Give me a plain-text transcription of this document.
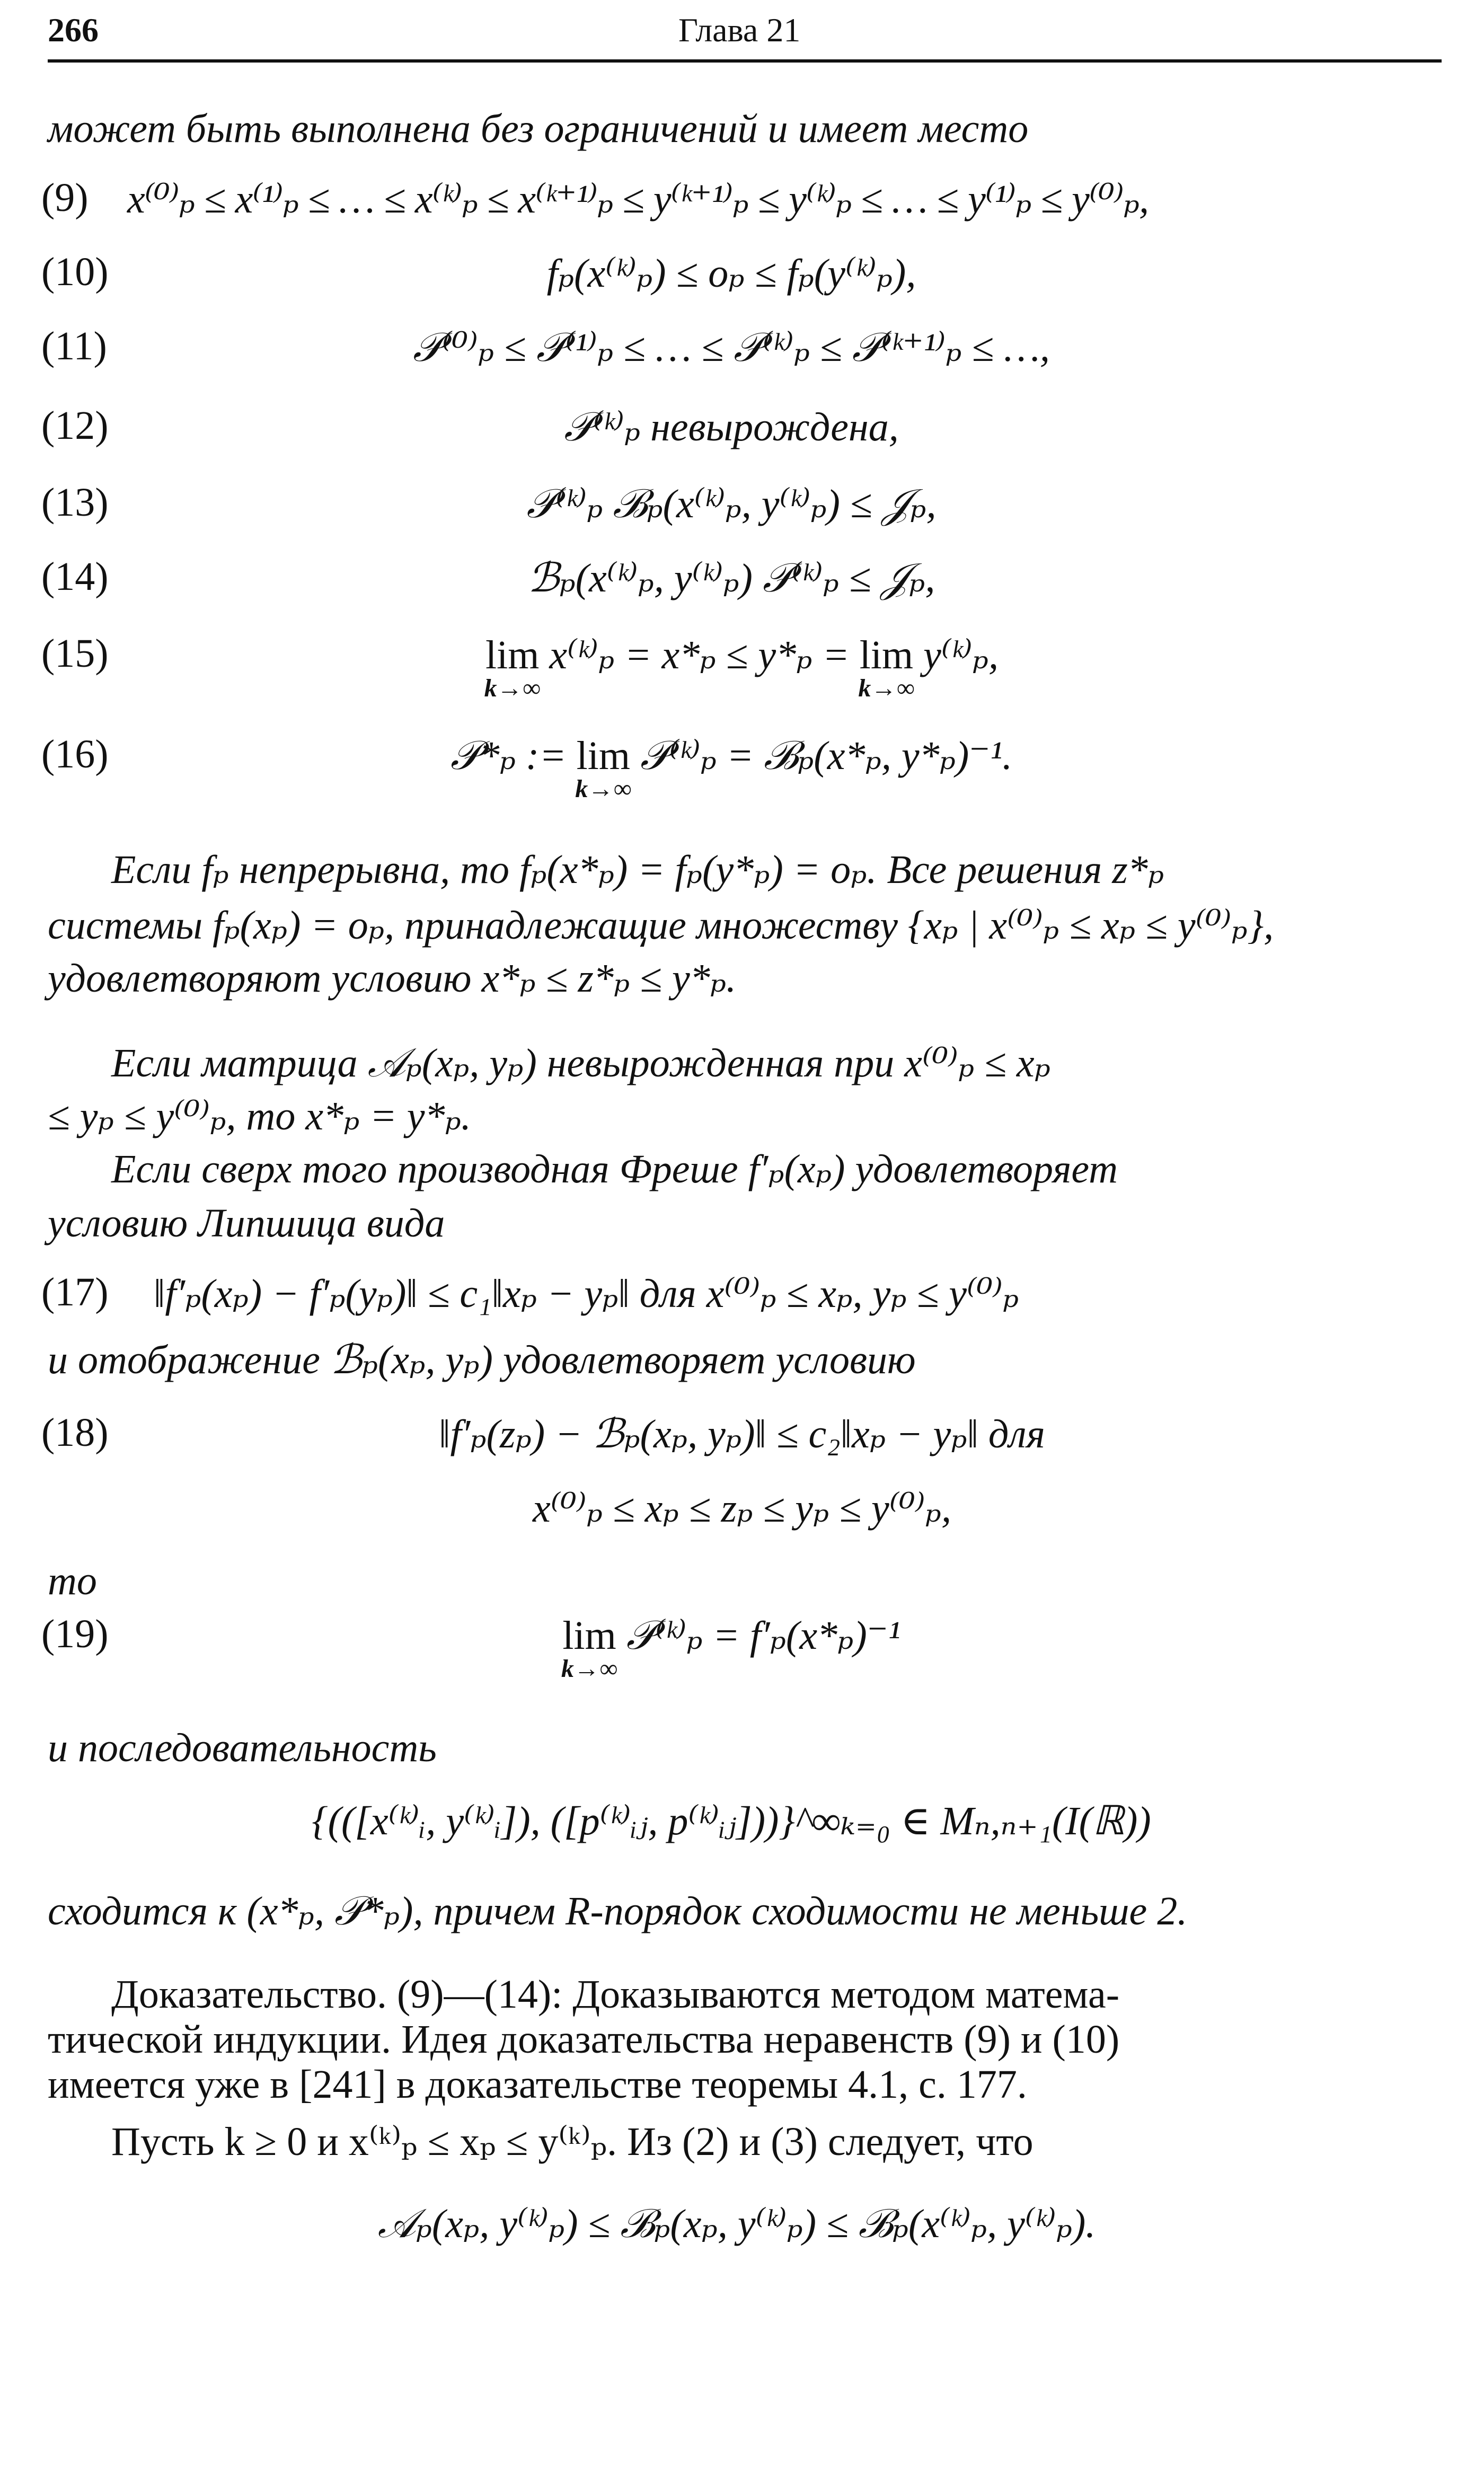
266	Глава 21
может быть выполнена без ограничений и имеет место
(9) x⁽⁰⁾ₚ ≤ x⁽¹⁾ₚ ≤ … ≤ x⁽ᵏ⁾ₚ ≤ x⁽ᵏ⁺¹⁾ₚ ≤ y⁽ᵏ⁺¹⁾ₚ ≤ y⁽ᵏ⁾ₚ ≤ … ≤ y⁽¹⁾ₚ ≤ y⁽⁰⁾ₚ,
(10)	fₚ(x⁽ᵏ⁾ₚ) ≤ oₚ ≤ fₚ(y⁽ᵏ⁾ₚ),
(11)	𝒫⁽⁰⁾ₚ ≤ 𝒫⁽¹⁾ₚ ≤ … ≤ 𝒫⁽ᵏ⁾ₚ ≤ 𝒫⁽ᵏ⁺¹⁾ₚ ≤ …,
(12)	𝒫⁽ᵏ⁾ₚ невырождена,
(13)	𝒫⁽ᵏ⁾ₚ ℬₚ(x⁽ᵏ⁾ₚ, y⁽ᵏ⁾ₚ) ≤ 𝒥ₚ,
(14)	ℬₚ(x⁽ᵏ⁾ₚ, y⁽ᵏ⁾ₚ) 𝒫⁽ᵏ⁾ₚ ≤ 𝒥ₚ,
(15)	lim
k→∞
x⁽ᵏ⁾ₚ = x*ₚ ≤ y*ₚ = lim
k→∞
y⁽ᵏ⁾ₚ,
(16)	𝒫*ₚ := lim
k→∞
𝒫⁽ᵏ⁾ₚ = ℬₚ(x*ₚ, y*ₚ)⁻¹.
Если fₚ непрерывна, то fₚ(x*ₚ) = fₚ(y*ₚ) = oₚ. Все решения z*ₚ
системы fₚ(xₚ) = oₚ, принадлежащие множеству {xₚ | x⁽⁰⁾ₚ ≤ xₚ ≤ y⁽⁰⁾ₚ},
удовлетворяют условию x*ₚ ≤ z*ₚ ≤ y*ₚ.
Если матрица 𝒜ₚ(xₚ, yₚ) невырожденная при x⁽⁰⁾ₚ ≤ xₚ
≤ yₚ ≤ y⁽⁰⁾ₚ, то x*ₚ = y*ₚ.
Если сверх того производная Фреше f′ₚ(xₚ) удовлетворяет
условию Липшица вида
(17) ‖f′ₚ(xₚ) − f′ₚ(yₚ)‖ ≤ c₁‖xₚ − yₚ‖ для x⁽⁰⁾ₚ ≤ xₚ, yₚ ≤ y⁽⁰⁾ₚ
и отображение ℬₚ(xₚ, yₚ) удовлетворяет условию
(18)	‖f′ₚ(zₚ) − ℬₚ(xₚ, yₚ)‖ ≤ c₂‖xₚ − yₚ‖ для
x⁽⁰⁾ₚ ≤ xₚ ≤ zₚ ≤ yₚ ≤ y⁽⁰⁾ₚ,
то
(19)	lim
k→∞
𝒫⁽ᵏ⁾ₚ = f′ₚ(x*ₚ)⁻¹
и последовательность
{(([x⁽ᵏ⁾ᵢ, y⁽ᵏ⁾ᵢ]), ([p⁽ᵏ⁾ᵢⱼ, p⁽ᵏ⁾ᵢⱼ]))}^∞ₖ₌₀ ∈ Mₙ,ₙ₊₁(I(ℝ))
сходится к (x*ₚ, 𝒫*ₚ), причем R-порядок сходимости не меньше 2.
Доказательство. (9)—(14): Доказываются методом матема-
тической индукции. Идея доказательства неравенств (9) и (10)
имеется уже в [241] в доказательстве теоремы 4.1, с. 177.
Пусть k ≥ 0 и x⁽ᵏ⁾ₚ ≤ xₚ ≤ y⁽ᵏ⁾ₚ. Из (2) и (3) следует, что
𝒜ₚ(xₚ, y⁽ᵏ⁾ₚ) ≤ ℬₚ(xₚ, y⁽ᵏ⁾ₚ) ≤ ℬₚ(x⁽ᵏ⁾ₚ, y⁽ᵏ⁾ₚ).
